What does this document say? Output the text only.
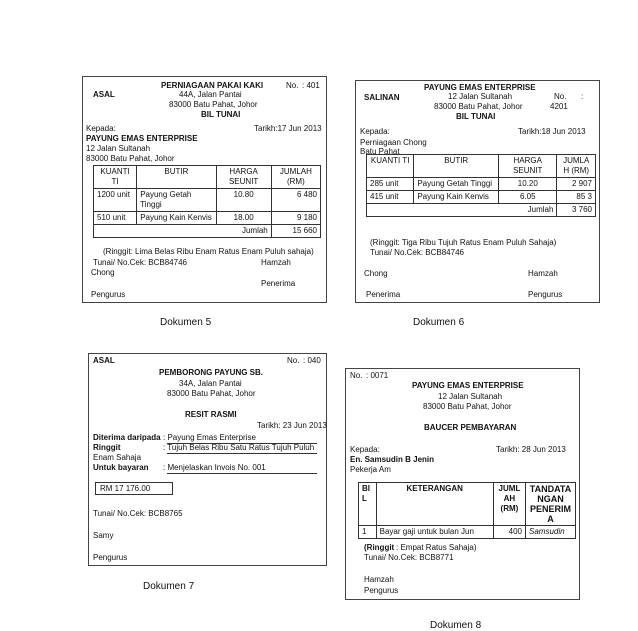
PERNIAGAAN PAKAI KAKI	No. : 401
ASAL	44A, Jalan Pantai
83000 Batu Pahat, Johor
BIL TUNAI
Kepada:	Tarikh:17 Jun 2013
PAYUNG EMAS ENTERPRISE
12 Jalan Sultanah
83000 Batu Pahat, Johor
KUANTI TI	BUTIR	HARGA SEUNIT	JUMLAH (RM)
1200 unit	Payung Getah Tinggi	10.80	6 480
510 unit	Payung Kain Kenvis	18.00	9 180
Jumlah			15 660
(Ringgit: Lima Belas Ribu Enam Ratus Enam Puluh sahaja)
Tunai/ No.Cek: BCB84746	Hamzah
Chong
Penerima
Pengurus
Dokumen 5
PAYUNG EMAS ENTERPRISE
SALINAN	12 Jalan Sultanah	No. :
83000 Batu Pahat, Johor	4201
BIL TUNAI
Kepada:	Tarikh:18 Jun 2013
Perniagaan Chong
Batu Pahat
KUANTI TI	BUTIR	HARGA SEUNIT	JUMLA H (RM)
285 unit	Payung Getah Tinggi	10.20	2 907
415 unit	Payung Kain Kenvis	6.05	85 3
Jumlah			3 760
(Ringgit: Tiga Ribu Tujuh Ratus Enam Puluh Sahaja)
Tunai/ No.Cek: BCB84746
Chong	Hamzah
Penerima	Pengurus
Dokumen 6
ASAL	No. : 040
PEMBORONG PAYUNG SB.
34A, Jalan Pantai
83000 Batu Pahat, Johor
RESIT RASMI
Tarikh: 23 Jun 2013
Diterima daripada : Payung Emas Enterprise
Ringgit	: Tujuh Belas Ribu Satu Ratus Tujuh Puluh
Enam Sahaja
Untuk bayaran : Menjelaskan Invois No. 001
RM 17 176.00
Tunai/ No.Cek: BCB8765
Samy
Pengurus
Dokumen 7
No. : 0071
PAYUNG EMAS ENTERPRISE
12 Jalan Sultanah
83000 Batu Pahat, Johor
BAUCER PEMBAYARAN
Kepada:	Tarikh: 28 Jun 2013
En. Samsudin B Jenin
Pekerja Am
BI L	KETERANGAN	JUML AH (RM)	TANDATA NGAN PENERIM A
1	Bayar gaji untuk bulan Jun	400	Samsudin
(Ringgit : Empat Ratus Sahaja)
Tunai/ No.Cek: BCB8771
Hamzah
Pengurus
Dokumen 8
